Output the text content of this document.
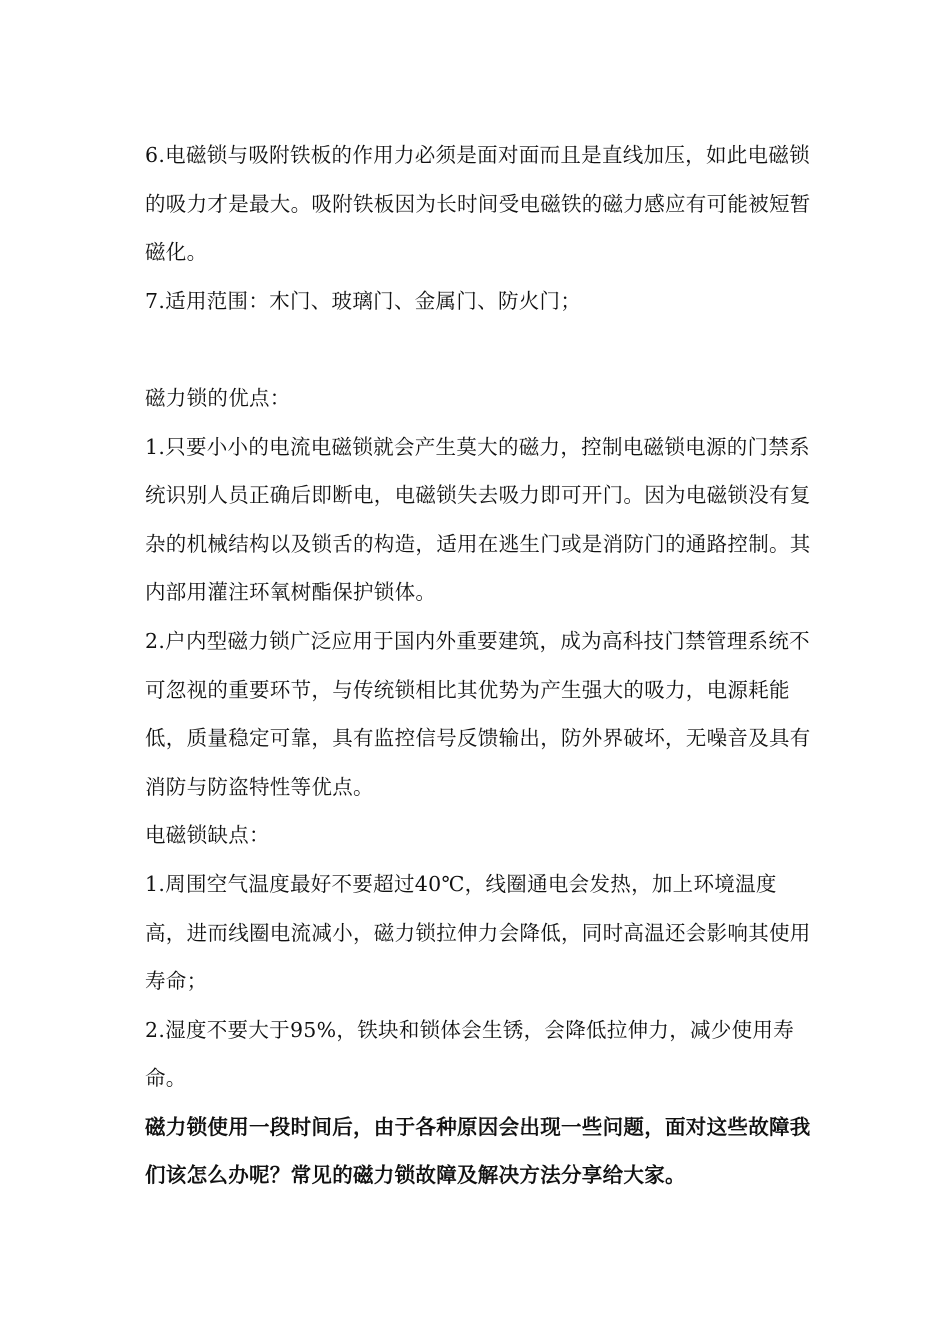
6.电磁锁与吸附铁板的作用力必须是面对面而且是直线加压，如此电磁锁的吸力才是最大。吸附铁板因为长时间受电磁铁的磁力感应有可能被短暂磁化。

7.适用范围：木门、玻璃门、金属门、防火门；

磁力锁的优点：

1.只要小小的电流电磁锁就会产生莫大的磁力，控制电磁锁电源的门禁系统识别人员正确后即断电，电磁锁失去吸力即可开门。因为电磁锁没有复杂的机械结构以及锁舌的构造，适用在逃生门或是消防门的通路控制。其内部用灌注环氧树酯保护锁体。

2.户内型磁力锁广泛应用于国内外重要建筑，成为高科技门禁管理系统不可忽视的重要环节，与传统锁相比其优势为产生强大的吸力，电源耗能低，质量稳定可靠，具有监控信号反馈输出，防外界破坏，无噪音及具有消防与防盗特性等优点。

电磁锁缺点：

1.周围空气温度最好不要超过40℃，线圈通电会发热，加上环境温度高，进而线圈电流减小，磁力锁拉伸力会降低，同时高温还会影响其使用寿命；

2.湿度不要大于95%，铁块和锁体会生锈，会降低拉伸力，减少使用寿命。

磁力锁使用一段时间后，由于各种原因会出现一些问题，面对这些故障我们该怎么办呢？常见的磁力锁故障及解决方法分享给大家。
